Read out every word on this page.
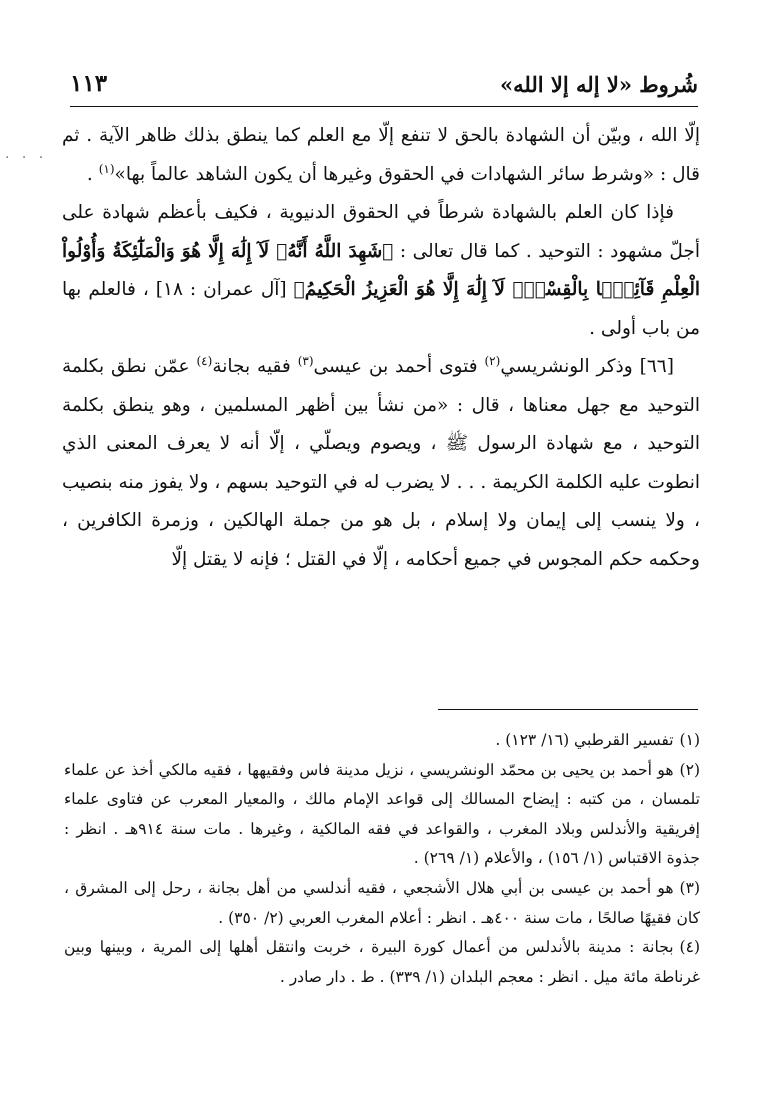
شُروط «لا إله إلا الله»
١١٣
· · ·

إلّا الله ، وبيّن أن الشهادة بالحق لا تنفع إلّا مع العلم كما ينطق بذلك ظاهر الآية . ثم قال : «وشرط سائر الشهادات في الحقوق وغيرها أن يكون الشاهد عالماً بها»$^{(١)}$ .

فإذا كان العلم بالشهادة شرطاً في الحقوق الدنيوية ، فكيف بأعظم شهادة على أجلّ مشهود : التوحيد . كما قال تعالى : ﴿شَهِدَ اللَّهُ أَنَّهُۥ لَآ إِلَٰهَ إِلَّا هُوَ وَالْمَلَٰٓئِكَةُ وَأُوْلُواْ الْعِلْمِ قَآئِمَۢا بِالْقِسْطِۚ لَآ إِلَٰهَ إِلَّا هُوَ الْعَزِيزُ الْحَكِيمُ﴾ [آل عمران : ١٨] ، فالعلم بها من باب أولى .

[٦٦] وذكر الونشريسي$^{(٢)}$ فتوى أحمد بن عيسى$^{(٣)}$ فقيه بجانة$^{(٤)}$ عمّن نطق بكلمة التوحيد مع جهل معناها ، قال : «من نشأ بين أظهر المسلمين ، وهو ينطق بكلمة التوحيد ، مع شهادة الرسول ﷺ ، ويصوم ويصلّي ، إلّا أنه لا يعرف المعنى الذي انطوت عليه الكلمة الكريمة . . . لا يضرب له في التوحيد بسهم ، ولا يفوز منه بنصيب ، ولا ينسب إلى إيمان ولا إسلام ، بل هو من جملة الهالكين ، وزمرة الكافرين ، وحكمه حكم المجوس في جميع أحكامه ، إلّا في القتل ؛ فإنه لا يقتل إلّا

(١)تفسير القرطبي (١٦/ ١٢٣) .

(٢)هو أحمد بن يحيى بن محمّد الونشريسي ، نزيل مدينة فاس وفقيهها ، فقيه مالكي أخذ عن علماء تلمسان ، من كتبه : إيضاح المسالك إلى قواعد الإمام مالك ، والمعيار المعرب عن فتاوى علماء إفريقية والأندلس وبلاد المغرب ، والقواعد في فقه المالكية ، وغيرها . مات سنة ٩١٤هـ . انظر : جذوة الاقتباس (١/ ١٥٦) ، والأعلام (١/ ٢٦٩) .

(٣)هو أحمد بن عيسى بن أبي هلال الأشجعي ، فقيه أندلسي من أهل بجانة ، رحل إلى المشرق ، كان فقيهًا صالحًا ، مات سنة ٤٠٠هـ . انظر : أعلام المغرب العربي (٢/ ٣٥٠) .

(٤)بجانة : مدينة بالأندلس من أعمال كورة البيرة ، خربت وانتقل أهلها إلى المرية ، وبينها وبين غرناطة مائة ميل . انظر : معجم البلدان (١/ ٣٣٩) . ط . دار صادر .
